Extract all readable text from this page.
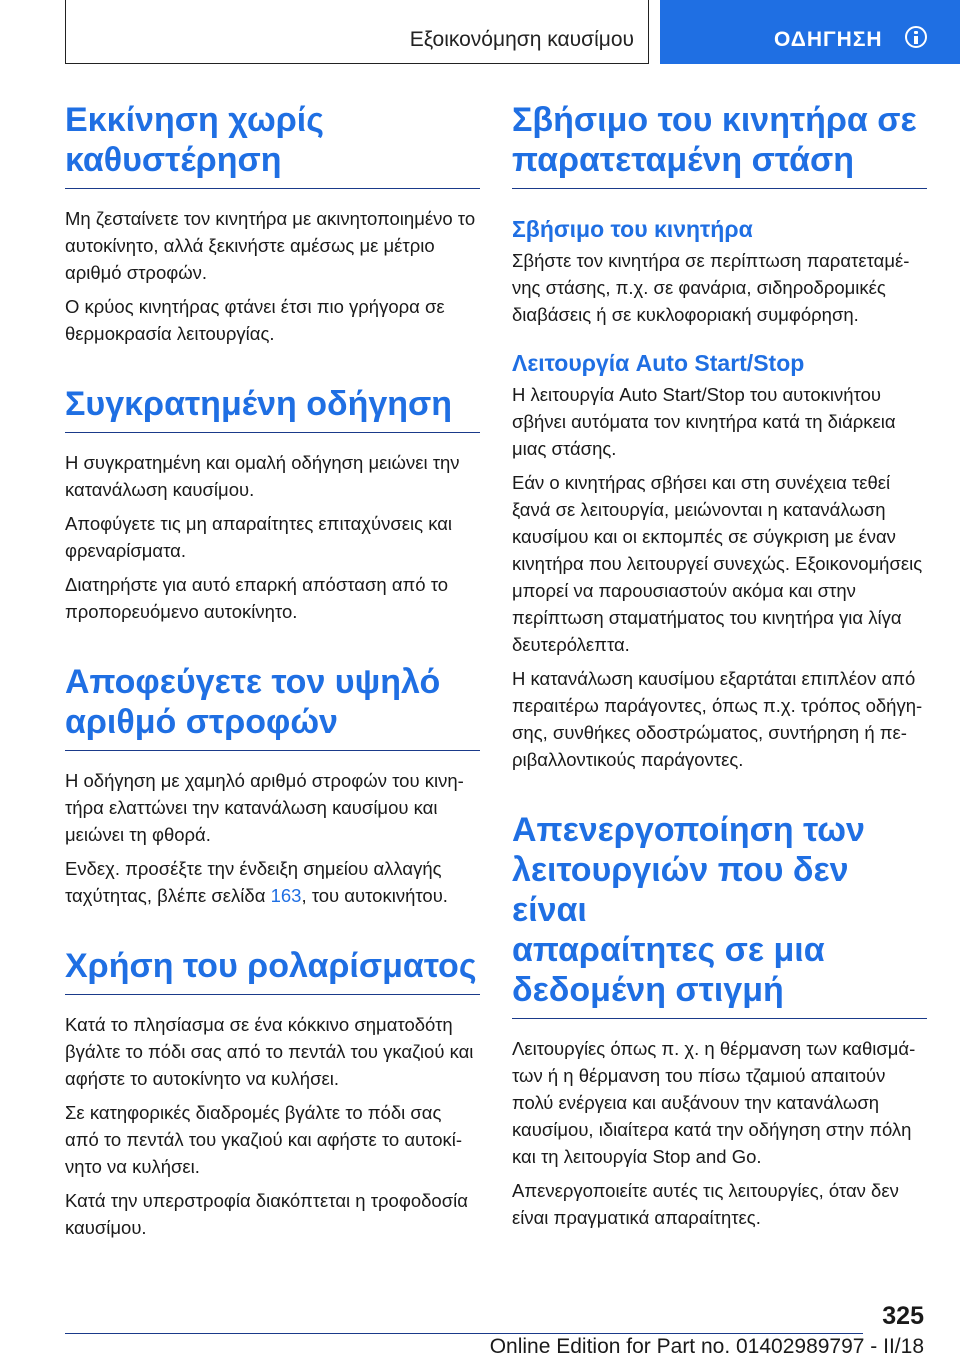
Εξοικονόμηση καυσίμου	ΟΔΗΓΗΣΗ
Εκκίνηση χωρίς
καθυστέρηση

Μη ζεσταίνετε τον κινητήρα με ακινητοποιημένο το αυτοκίνητο, αλλά ξεκινήστε αμέσως με μέτριο αριθμό στροφών.

Ο κρύος κινητήρας φτάνει έτσι πιο γρήγορα σε θερμοκρασία λειτουργίας.

Συγκρατημένη οδήγηση

Η συγκρατημένη και ομαλή οδήγηση μειώνει την κατανάλωση καυσίμου.

Αποφύγετε τις μη απαραίτητες επιταχύνσεις και φρεναρίσματα.

Διατηρήστε για αυτό επαρκή απόσταση από το προπορευόμενο αυτοκίνητο.

Αποφεύγετε τον υψηλό
αριθμό στροφών

Η οδήγηση με χαμηλό αριθμό στροφών του κινητήρα ελαττώνει την κατανάλωση καυσίμου και μειώνει τη φθορά.

Ενδεχ. προσέξτε την ένδειξη σημείου αλλαγής ταχύτητας, βλέπε σελίδα 163, του αυτοκινήτου.

Χρήση του ρολαρίσματος

Κατά το πλησίασμα σε ένα κόκκινο σηματοδότη βγάλτε το πόδι σας από το πεντάλ του γκαζιού και αφήστε το αυτοκίνητο να κυλήσει.

Σε κατηφορικές διαδρομές βγάλτε το πόδι σας από το πεντάλ του γκαζιού και αφήστε το αυτοκίνητο να κυλήσει.

Κατά την υπερστροφία διακόπτεται η τροφοδοσία καυσίμου.

Σβήσιμο του κινητήρα σε
παρατεταμένη στάση
Σβήσιμο του κινητήρα

Σβήστε τον κινητήρα σε περίπτωση παρατεταμένης στάσης, π.χ. σε φανάρια, σιδηροδρομικές διαβάσεις ή σε κυκλοφοριακή συμφόρηση.

Λειτουργία Auto Start/Stop

Η λειτουργία Auto Start/Stop του αυτοκινήτου σβήνει αυτόματα τον κινητήρα κατά τη διάρκεια μιας στάσης.

Εάν ο κινητήρας σβήσει και στη συνέχεια τεθεί ξανά σε λειτουργία, μειώνονται η κατανάλωση καυσίμου και οι εκπομπές σε σύγκριση με έναν κινητήρα που λειτουργεί συνεχώς. Εξοικονομήσεις μπορεί να παρουσιαστούν ακόμα και στην περίπτωση σταματήματος του κινητήρα για λίγα δευτερόλεπτα.

Η κατανάλωση καυσίμου εξαρτάται επιπλέον από περαιτέρω παράγοντες, όπως π.χ. τρόπος οδήγησης, συνθήκες οδοστρώματος, συντήρηση ή περιβαλλοντικούς παράγοντες.

Απενεργοποίηση των
λειτουργιών που δεν είναι
απαραίτητες σε μια
δεδομένη στιγμή

Λειτουργίες όπως π. χ. η θέρμανση των καθισμάτων ή η θέρμανση του πίσω τζαμιού απαιτούν πολύ ενέργεια και αυξάνουν την κατανάλωση καυσίμου, ιδιαίτερα κατά την οδήγηση στην πόλη και τη λειτουργία Stop and Go.

Απενεργοποιείτε αυτές τις λειτουργίες, όταν δεν είναι πραγματικά απαραίτητες.

325
Online Edition for Part no. 01402989797 - II/18
